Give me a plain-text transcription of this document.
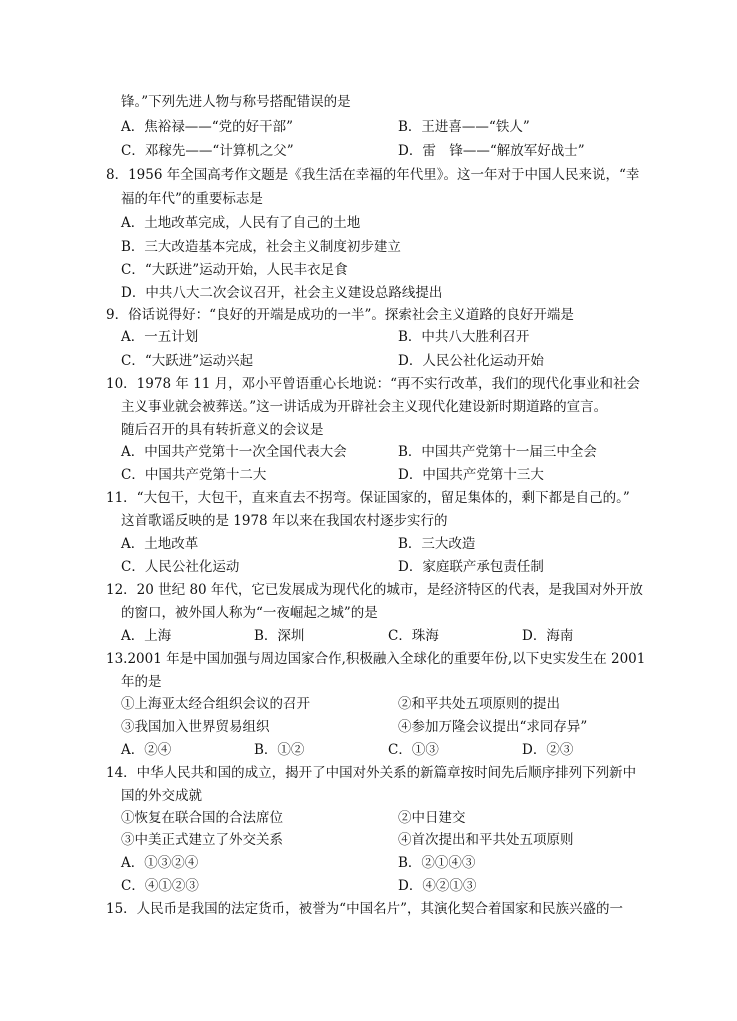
锋。”下列先进人物与称号搭配错误的是
A．焦裕禄——“党的好干部”	B．王进喜——“铁人”
C．邓稼先——“计算机之父”	D．雷　锋——“解放军好战士”
8．1956 年全国高考作文题是《我生活在幸福的年代里》。这一年对于中国人民来说，“幸
福的年代”的重要标志是
A．土地改革完成，人民有了自己的土地
B．三大改造基本完成，社会主义制度初步建立
C．“大跃进”运动开始，人民丰衣足食
D．中共八大二次会议召开，社会主义建设总路线提出
9．俗话说得好：“良好的开端是成功的一半”。探索社会主义道路的良好开端是
A．一五计划	B．中共八大胜利召开
C．“大跃进”运动兴起	D．人民公社化运动开始
10．1978 年 11 月，邓小平曾语重心长地说：“再不实行改革，我们的现代化事业和社会
主义事业就会被葬送。”这一讲话成为开辟社会主义现代化建设新时期道路的宣言。
随后召开的具有转折意义的会议是
A．中国共产党第十一次全国代表大会	B．中国共产党第十一届三中全会
C．中国共产党第十二大	D．中国共产党第十三大
11．“大包干，大包干，直来直去不拐弯。保证国家的，留足集体的，剩下都是自己的。”
这首歌谣反映的是 1978 年以来在我国农村逐步实行的
A．土地改革	B．三大改造
C．人民公社化运动	D．家庭联产承包责任制
12．20 世纪 80 年代，它已发展成为现代化的城市，是经济特区的代表，是我国对外开放
的窗口，被外国人称为“一夜崛起之城”的是
A．上海	B．深圳	C．珠海	D．海南
13.2001 年是中国加强与周边国家合作,积极融入全球化的重要年份,以下史实发生在 2001
年的是
①上海亚太经合组织会议的召开	②和平共处五项原则的提出
③我国加入世界贸易组织	④参加万隆会议提出“求同存异”
A．②④	B．①②	C．①③	D．②③
14．中华人民共和国的成立，揭开了中国对外关系的新篇章按时间先后顺序排列下列新中
国的外交成就
①恢复在联合国的合法席位	②中日建交
③中美正式建立了外交关系	④首次提出和平共处五项原则
A．①③②④	B．②①④③
C．④①②③	D．④②①③
15．人民币是我国的法定货币，被誉为“中国名片”，其演化契合着国家和民族兴盛的一
